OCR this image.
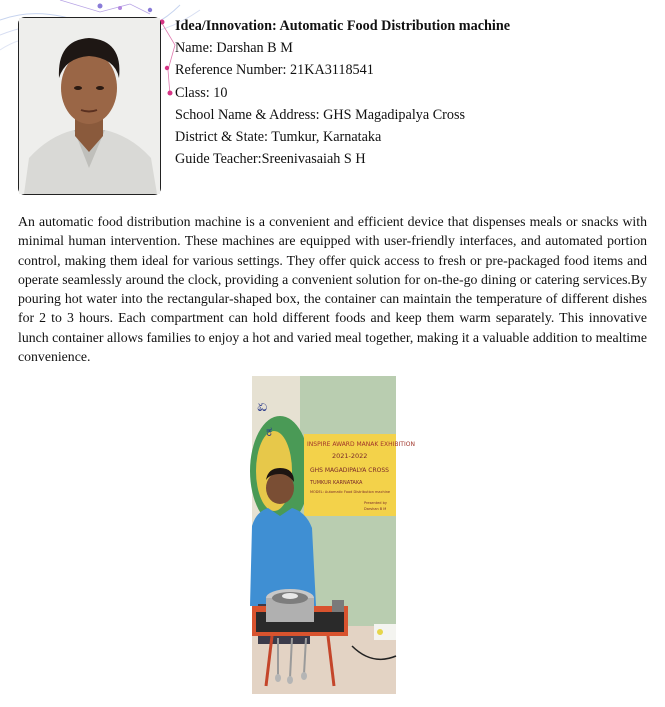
Idea/Innovation: Automatic Food Distribution machine
Name: Darshan B M
Reference Number: 21KA3118541
Class: 10
School Name & Address: GHS Magadipalya Cross
District & State: Tumkur, Karnataka
Guide Teacher:Sreenivasaiah S H

An automatic food distribution machine is a convenient and efficient device that dispenses meals or snacks with minimal human intervention. These machines are equipped with user-friendly interfaces, and automated portion control, making them ideal for various settings. They offer quick access to fresh or pre-packaged food items and operate seamlessly around the clock, providing a convenient solution for on-the-go dining or catering services.By pouring hot water into the rectangular-shaped box, the container can maintain the temperature of different dishes for 2 to 3 hours. Each compartment can hold different foods and keep them warm separately. This innovative lunch container allows families to enjoy a hot and varied meal together, making it a valuable addition to mealtime convenience.

ಏ
ಕ
INSPIRE AWARD MANAK EXHIBITION
2021-2022
GHS MAGADIPALYA CROSS
TUMKUR KARNATAKA
MODEL: Automatic Food Distribution machine
Presented by
Darshan B M
